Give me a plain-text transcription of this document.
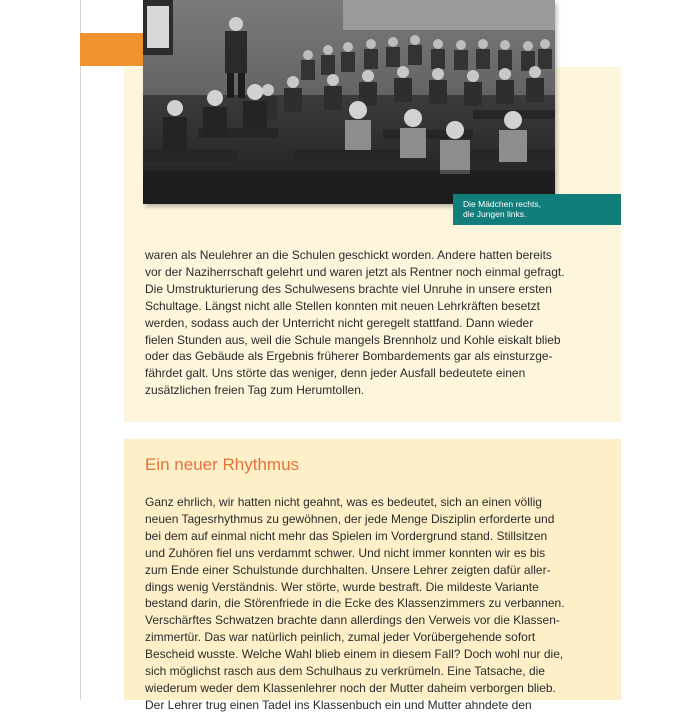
Die Mädchen rechts,
die Jungen links.

waren als Neulehrer an die Schulen geschickt worden. Andere hatten bereits
vor der Naziherrschaft gelehrt und waren jetzt als Rentner noch einmal gefragt.
Die Umstrukturierung des Schulwesens brachte viel Unruhe in unsere ersten
Schultage. Längst nicht alle Stellen konnten mit neuen Lehrkräften besetzt
werden, sodass auch der Unterricht nicht geregelt stattfand. Dann wieder
fielen Stunden aus, weil die Schule mangels Brennholz und Kohle eiskalt blieb
oder das Gebäude als Ergebnis früherer Bombardements gar als einsturzge-
fährdet galt. Uns störte das weniger, denn jeder Ausfall bedeutete einen
zusätzlichen freien Tag zum Herumtollen.

Ein neuer Rhythmus

Ganz ehrlich, wir hatten nicht geahnt, was es bedeutet, sich an einen völlig
neuen Tagesrhythmus zu gewöhnen, der jede Menge Disziplin erforderte und
bei dem auf einmal nicht mehr das Spielen im Vordergrund stand. Stillsitzen
und Zuhören fiel uns verdammt schwer. Und nicht immer konnten wir es bis
zum Ende einer Schulstunde durchhalten. Unsere Lehrer zeigten dafür aller-
dings wenig Verständnis. Wer störte, wurde bestraft. Die mildeste Variante
bestand darin, die Störenfriede in die Ecke des Klassenzimmers zu verbannen.
Verschärftes Schwatzen brachte dann allerdings den Verweis vor die Klassen-
zimmertür. Das war natürlich peinlich, zumal jeder Vorübergehende sofort
Bescheid wusste. Welche Wahl blieb einem in diesem Fall? Doch wohl nur die,
sich möglichst rasch aus dem Schulhaus zu verkrümeln. Eine Tatsache, die
wiederum weder dem Klassenlehrer noch der Mutter daheim verborgen blieb.
Der Lehrer trug einen Tadel ins Klassenbuch ein und Mutter ahndete den
